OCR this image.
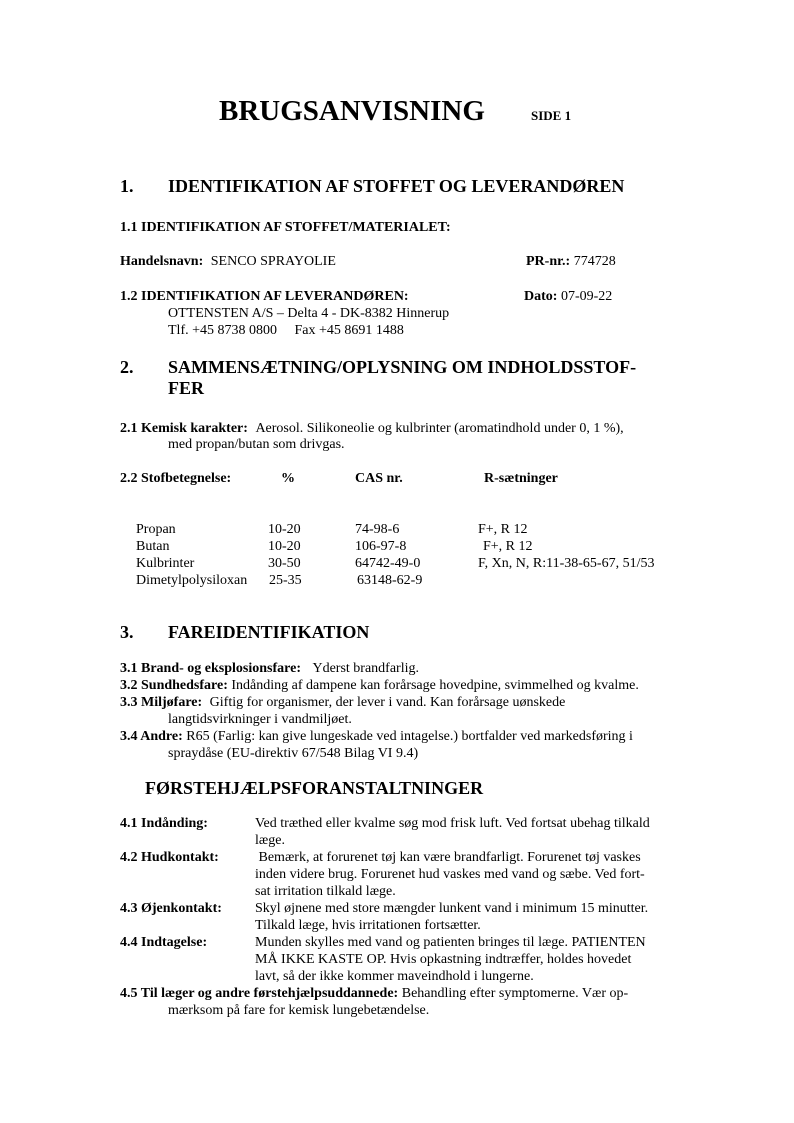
BRUGSANVISNING	SIDE 1
1. IDENTIFIKATION AF STOFFET OG LEVERANDØREN
1.1 IDENTIFIKATION AF STOFFET/MATERIALET:
Handelsnavn: SENCO SPRAYOLIE	PR-nr.: 774728
1.2 IDENTIFIKATION AF LEVERANDØREN:	Dato: 07-09-22
OTTENSTEN A/S – Delta 4 - DK-8382 Hinnerup
Tlf. +45 8738 0800     Fax +45 8691 1488
2. SAMMENSÆTNING/OPLYSNING OM INDHOLDSSTOF-
FER
2.1 Kemisk karakter: Aerosol. Silikoneolie og kulbrinter (aromatindhold under 0, 1 %),
med propan/butan som drivgas.
2.2 Stofbetegnelse:	%	CAS nr.	R-sætninger
Propan	10-20	74-98-6	F+, R 12
Butan	10-20	106-97-8	F+, R 12
Kulbrinter	30-50	64742-49-0	F, Xn, N, R:11-38-65-67, 51/53
Dimetylpolysiloxan 25-35	63148-62-9
3. FAREIDENTIFIKATION
3.1 Brand- og eksplosionsfare: Yderst brandfarlig.
3.2 Sundhedsfare: Indånding af dampene kan forårsage hovedpine, svimmelhed og kvalme.
3.3 Miljøfare: Giftig for organismer, der lever i vand. Kan forårsage uønskede
langtidsvirkninger i vandmiljøet.
3.4 Andre: R65 (Farlig: kan give lungeskade ved intagelse.) bortfalder ved markedsføring i
spraydåse (EU-direktiv 67/548 Bilag VI 9.4)
FØRSTEHJÆLPSFORANSTALTNINGER
4.1 Indånding:	Ved træthed eller kvalme søg mod frisk luft. Ved fortsat ubehag tilkald
læge.
4.2 Hudkontakt:	Bemærk, at forurenet tøj kan være brandfarligt. Forurenet tøj vaskes
inden videre brug. Forurenet hud vaskes med vand og sæbe. Ved fort-
sat irritation tilkald læge.
4.3 Øjenkontakt: Skyl øjnene med store mængder lunkent vand i minimum 15 minutter.
Tilkald læge, hvis irritationen fortsætter.
4.4 Indtagelse:	Munden skylles med vand og patienten bringes til læge. PATIENTEN
MÅ IKKE KASTE OP. Hvis opkastning indtræffer, holdes hovedet
lavt, så der ikke kommer maveindhold i lungerne.
4.5 Til læger og andre førstehjælpsuddannede: Behandling efter symptomerne. Vær op-
mærksom på fare for kemisk lungebetændelse.
